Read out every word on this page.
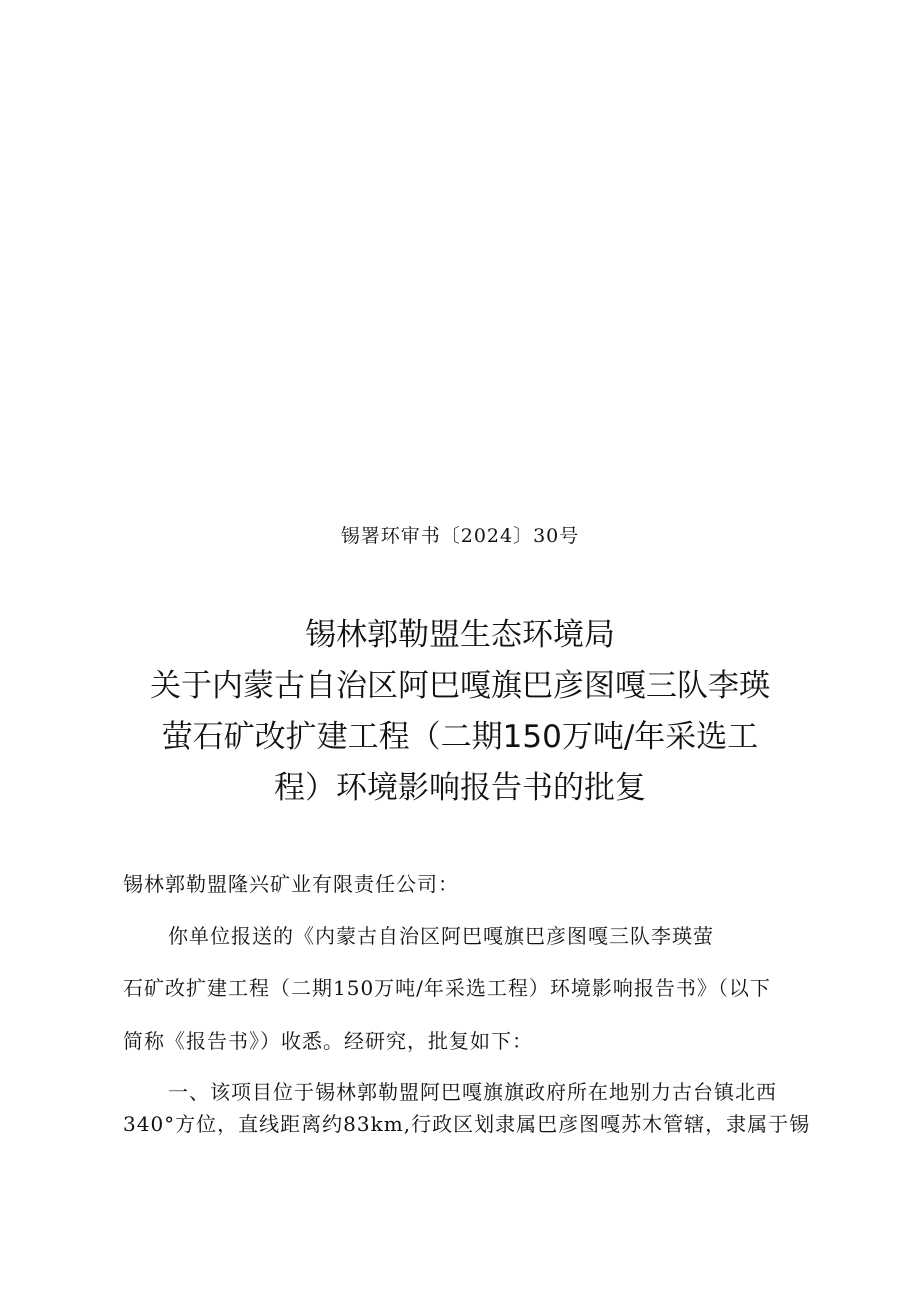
锡署环审书〔2024〕30号
锡林郭勒盟生态环境局
关于内蒙古自治区阿巴嘎旗巴彦图嘎三队李瑛
萤石矿改扩建工程（二期150万吨/年采选工
程）环境影响报告书的批复
锡林郭勒盟隆兴矿业有限责任公司：
你单位报送的《内蒙古自治区阿巴嘎旗巴彦图嘎三队李瑛萤
石矿改扩建工程（二期150万吨/年采选工程）环境影响报告书》（以下
简称《报告书》）收悉。经研究，批复如下：
一、该项目位于锡林郭勒盟阿巴嘎旗旗政府所在地别力古台镇北西
340°方位，直线距离约83km,行政区划隶属巴彦图嘎苏木管辖，隶属于锡
